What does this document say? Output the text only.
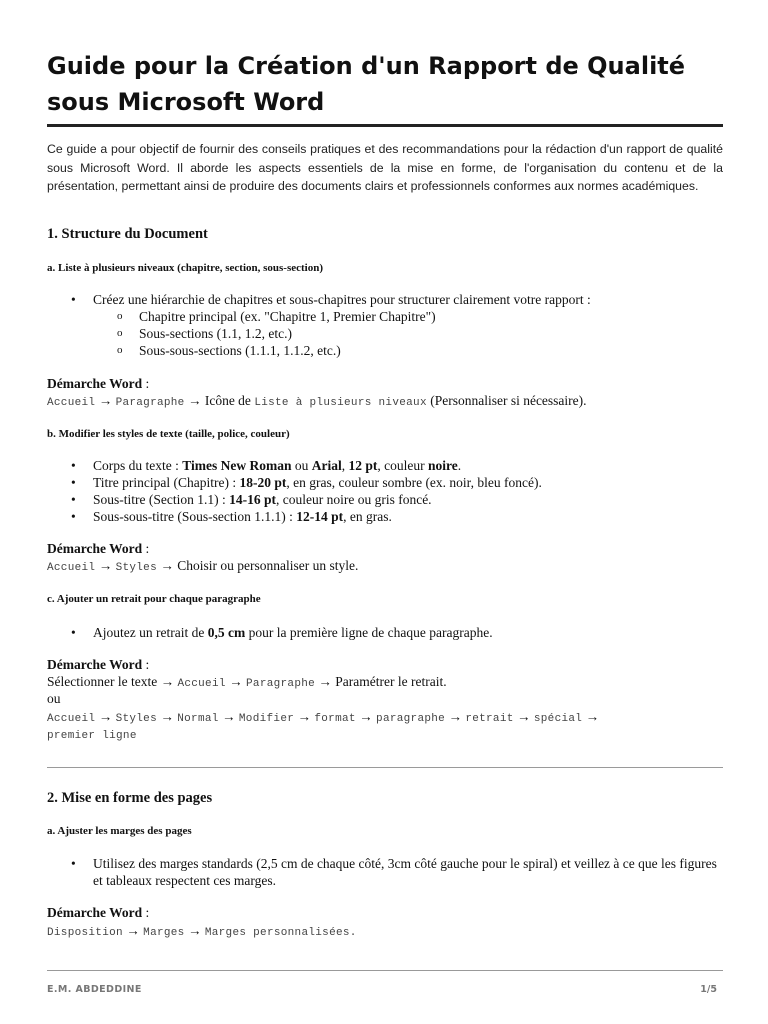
Guide pour la Création d'un Rapport de Qualité sous Microsoft Word

Ce guide a pour objectif de fournir des conseils pratiques et des recommandations pour la rédaction d'un rapport de qualité sous Microsoft Word. Il aborde les aspects essentiels de la mise en forme, de l'organisation du contenu et de la présentation, permettant ainsi de produire des documents clairs et professionnels conformes aux normes académiques.

1. Structure du Document
a. Liste à plusieurs niveaux (chapitre, section, sous-section)
• Créez une hiérarchie de chapitres et sous-chapitres pour structurer clairement votre rapport :
o Chapitre principal (ex. "Chapitre 1, Premier Chapitre")
o Sous-sections (1.1, 1.2, etc.)
o Sous-sous-sections (1.1.1, 1.1.2, etc.)

Démarche Word :

Accueil → Paragraphe → Icône de Liste à plusieurs niveaux (Personnaliser si nécessaire).

b. Modifier les styles de texte (taille, police, couleur)
• Corps du texte : Times New Roman ou Arial, 12 pt, couleur noire.
• Titre principal (Chapitre) : 18-20 pt, en gras, couleur sombre (ex. noir, bleu foncé).
• Sous-titre (Section 1.1) : 14-16 pt, couleur noire ou gris foncé.
• Sous-sous-titre (Sous-section 1.1.1) : 12-14 pt, en gras.

Démarche Word :

Accueil → Styles → Choisir ou personnaliser un style.

c. Ajouter un retrait pour chaque paragraphe
• Ajoutez un retrait de 0,5 cm pour la première ligne de chaque paragraphe.

Démarche Word :

Sélectionner le texte → Accueil → Paragraphe → Paramétrer le retrait.

ou

Accueil → Styles → Normal → Modifier → format → paragraphe → retrait → spécial →

premier ligne

2. Mise en forme des pages
a. Ajuster les marges des pages
• Utilisez des marges standards (2,5 cm de chaque côté, 3cm côté gauche pour le spiral) et veillez à ce que les figures et tableaux respectent ces marges.

Démarche Word :

Disposition → Marges → Marges personnalisées.

E.M. ABDEDDINE	1/5
